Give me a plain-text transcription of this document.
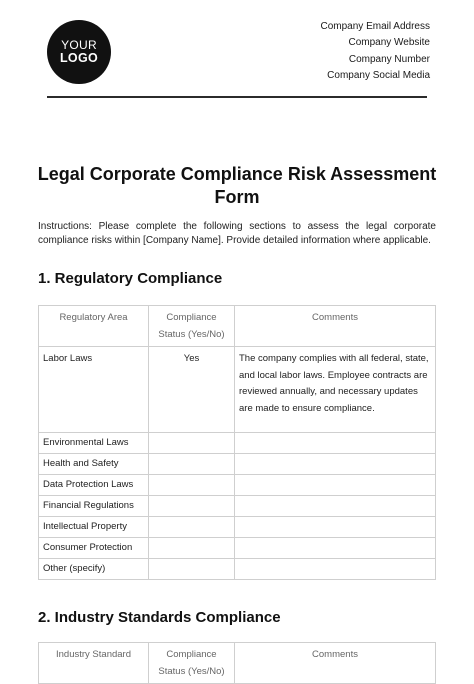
YOUR
LOGO
Company Email Address
Company Website
Company Number
Company Social Media
Legal Corporate Compliance Risk Assessment Form
Instructions: Please complete the following sections to assess the legal corporate compliance risks within [Company Name]. Provide detailed information where applicable.
1. Regulatory Compliance
Regulatory Area	Compliance Status (Yes/No)	Comments
Labor Laws	Yes	The company complies with all federal, state, and local labor laws. Employee contracts are reviewed annually, and necessary updates are made to ensure compliance.
Environmental Laws		
Health and Safety		
Data Protection Laws		
Financial Regulations		
Intellectual Property		
Consumer Protection		
Other (specify)		
2. Industry Standards Compliance
Industry Standard	Compliance Status (Yes/No)	Comments
